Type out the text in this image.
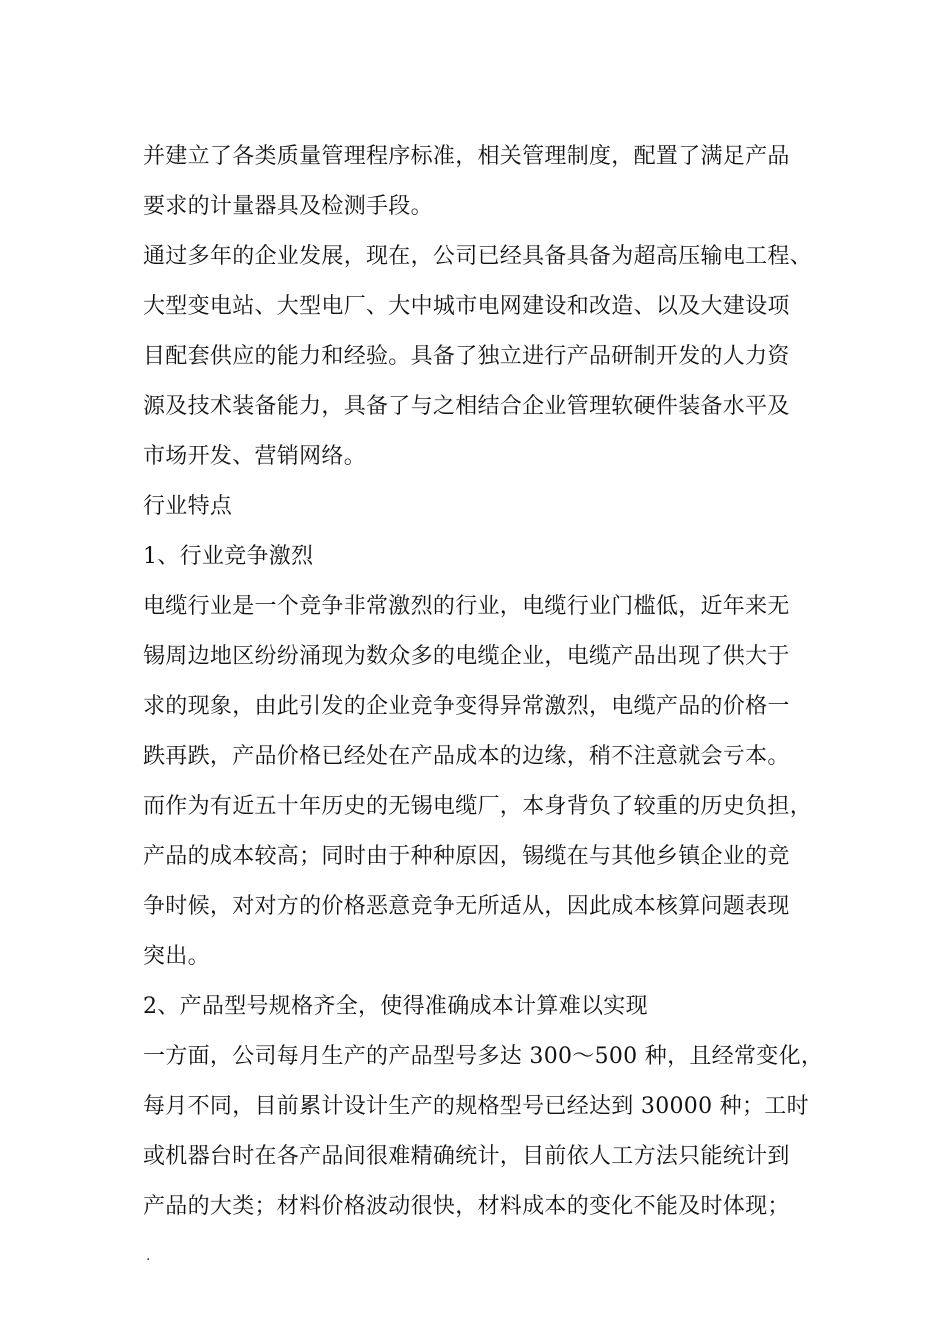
并建立了各类质量管理程序标准，相关管理制度，配置了满足产品
要求的计量器具及检测手段。
通过多年的企业发展，现在，公司已经具备具备为超高压输电工程、
大型变电站、大型电厂、大中城市电网建设和改造、以及大建设项
目配套供应的能力和经验。具备了独立进行产品研制开发的人力资
源及技术装备能力，具备了与之相结合企业管理软硬件装备水平及
市场开发、营销网络。
行业特点
1、行业竞争激烈
电缆行业是一个竞争非常激烈的行业，电缆行业门槛低，近年来无
锡周边地区纷纷涌现为数众多的电缆企业，电缆产品出现了供大于
求的现象，由此引发的企业竞争变得异常激烈，电缆产品的价格一
跌再跌，产品价格已经处在产品成本的边缘，稍不注意就会亏本。
而作为有近五十年历史的无锡电缆厂，本身背负了较重的历史负担，
产品的成本较高；同时由于种种原因，锡缆在与其他乡镇企业的竞
争时候，对对方的价格恶意竞争无所适从，因此成本核算问题表现
突出。
2、产品型号规格齐全，使得准确成本计算难以实现
一方面，公司每月生产的产品型号多达 300～500 种，且经常变化，
每月不同，目前累计设计生产的规格型号已经达到 30000 种；工时
或机器台时在各产品间很难精确统计，目前依人工方法只能统计到
产品的大类；材料价格波动很快，材料成本的变化不能及时体现；
.
